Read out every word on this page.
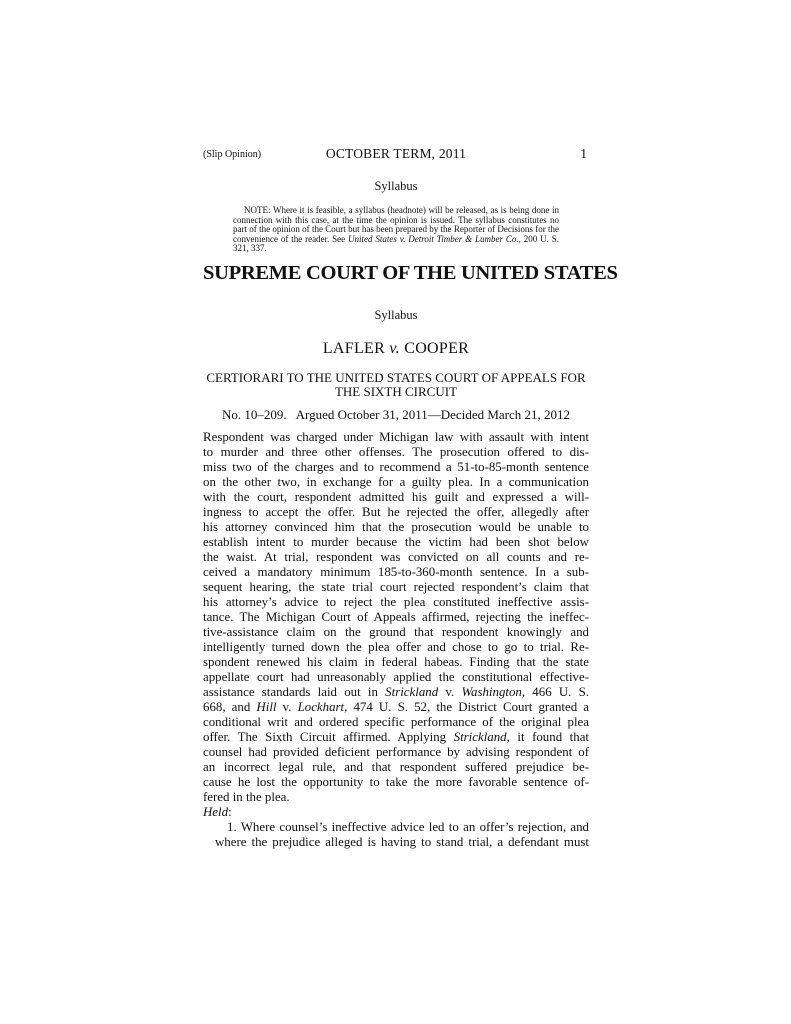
(Slip Opinion)	OCTOBER TERM, 2011	1
Syllabus

NOTE: Where it is feasible, a syllabus (headnote) will be released, as is being done in connection with this case, at the time the opinion is issued. The syllabus constitutes no part of the opinion of the Court but has been prepared by the Reporter of Decisions for the convenience of the reader. See United States v. Detroit Timber & Lumber Co., 200 U. S. 321, 337.

SUPREME COURT OF THE UNITED STATES
Syllabus
LAFLER v. COOPER
CERTIORARI TO THE UNITED STATES COURT OF APPEALS FOR
THE SIXTH CIRCUIT
No. 10–209.   Argued October 31, 2011—Decided March 21, 2012
Respondent was charged under Michigan law with assault with intent
to murder and three other offenses. The prosecution offered to dis-
miss two of the charges and to recommend a 51-to-85-month sentence
on the other two, in exchange for a guilty plea. In a communication
with the court, respondent admitted his guilt and expressed a will-
ingness to accept the offer. But he rejected the offer, allegedly after
his attorney convinced him that the prosecution would be unable to
establish intent to murder because the victim had been shot below
the waist. At trial, respondent was convicted on all counts and re-
ceived a mandatory minimum 185-to-360-month sentence. In a sub-
sequent hearing, the state trial court rejected respondent’s claim that
his attorney’s advice to reject the plea constituted ineffective assis-
tance. The Michigan Court of Appeals affirmed, rejecting the ineffec-
tive-assistance claim on the ground that respondent knowingly and
intelligently turned down the plea offer and chose to go to trial. Re-
spondent renewed his claim in federal habeas. Finding that the state
appellate court had unreasonably applied the constitutional effective-
assistance standards laid out in Strickland v. Washington, 466 U. S.
668, and Hill v. Lockhart, 474 U. S. 52, the District Court granted a
conditional writ and ordered specific performance of the original plea
offer. The Sixth Circuit affirmed. Applying Strickland, it found that
counsel had provided deficient performance by advising respondent of
an incorrect legal rule, and that respondent suffered prejudice be-
cause he lost the opportunity to take the more favorable sentence of-
fered in the plea.
Held:
1. Where counsel’s ineffective advice led to an offer’s rejection, and
where the prejudice alleged is having to stand trial, a defendant must
